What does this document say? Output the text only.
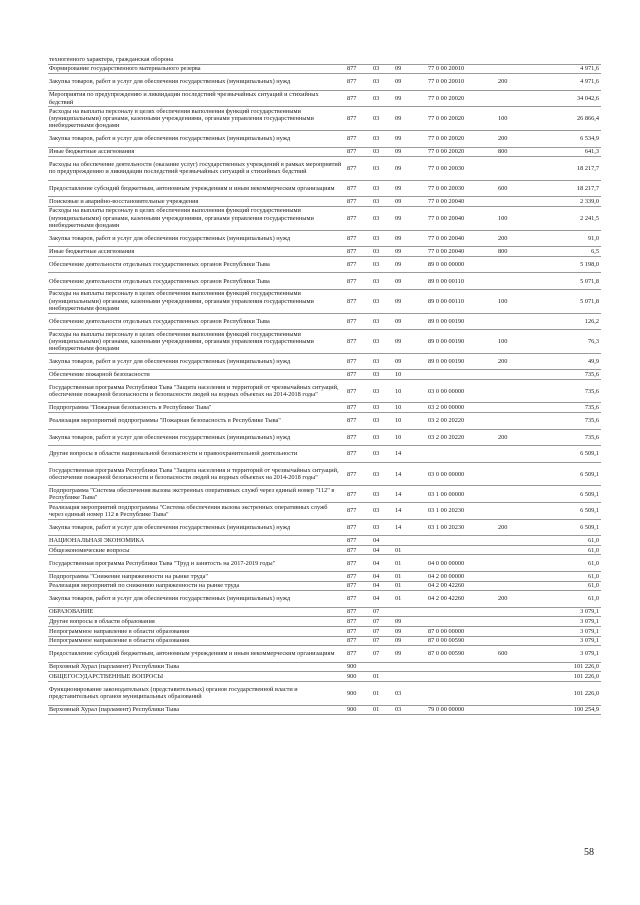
техногенного характера, гражданская оборона						
Формирование государственного материального резерва	877	03	09	77 0 00 20010		4 971,6
Закупка товаров, работ и услуг для обеспечения государственных (муниципальных) нужд	877	03	09	77 0 00 20010	200	4 971,6
Мероприятия по предупреждению и ликвидации последствий чрезвычайных ситуаций и стихийных бедствий	877	03	09	77 0 00 20020		34 042,6
Расходы на выплаты персоналу в целях обеспечения выполнения функций государственными (муниципальными) органами, казенными учреждениями, органами управления государственными внебюджетными фондами	877	03	09	77 0 00 20020	100	26 866,4
Закупка товаров, работ и услуг для обеспечения государственных (муниципальных) нужд	877	03	09	77 0 00 20020	200	6 534,9
Иные бюджетные ассигнования	877	03	09	77 0 00 20020	800	641,3
Расходы на обеспечение деятельности (оказание услуг) государственных учреждений в рамках мероприятий по предупреждению и ликвидации последствий чрезвычайных ситуаций и стихийных бедствий	877	03	09	77 0 00 20030		18 217,7
Предоставление субсидий бюджетным, автономным учреждениям и иным некоммерческим организациям	877	03	09	77 0 00 20030	600	18 217,7
Поисковые и аварийно-восстановительные учреждения	877	03	09	77 0 00 20040		2 339,0
Расходы на выплаты персоналу в целях обеспечения выполнения функций государственными (муниципальными) органами, казенными учреждениями, органами управления государственными внебюджетными фондами	877	03	09	77 0 00 20040	100	2 241,5
Закупка товаров, работ и услуг для обеспечения государственных (муниципальных) нужд	877	03	09	77 0 00 20040	200	91,0
Иные бюджетные ассигнования	877	03	09	77 0 00 20040	800	6,5
Обеспечение деятельности отдельных государственных органов Республики Тыва	877	03	09	89 0 00 00000		5 198,0
Обеспечение деятельности отдельных государственных органов Республики Тыва	877	03	09	89 0 00 00110		5 071,8
Расходы на выплаты персоналу в целях обеспечения выполнения функций государственными (муниципальными) органами, казенными учреждениями, органами управления государственными внебюджетными фондами	877	03	09	89 0 00 00110	100	5 071,8
Обеспечение деятельности отдельных государственных органов Республики Тыва	877	03	09	89 0 00 00190		126,2
Расходы на выплаты персоналу в целях обеспечения выполнения функций государственными (муниципальными) органами, казенными учреждениями, органами управления государственными внебюджетными фондами	877	03	09	89 0 00 00190	100	76,3
Закупка товаров, работ и услуг для обеспечения государственных (муниципальных) нужд	877	03	09	89 0 00 00190	200	49,9
Обеспечение пожарной безопасности	877	03	10			735,6
Государственная программа Республики Тыва "Защита населения и территорий от чрезвычайных ситуаций, обеспечение пожарной безопасности и безопасности людей на водных объектах на 2014-2018 годы"	877	03	10	03 0 00 00000		735,6
Подпрограмма "Пожарная безопасность в Республике Тыва"	877	03	10	03 2 00 00000		735,6
Реализация мероприятий подпрограммы "Пожарная безопасность в Республике Тыва"	877	03	10	03 2 00 20220		735,6
Закупка товаров, работ и услуг для обеспечения государственных (муниципальных) нужд	877	03	10	03 2 00 20220	200	735,6
Другие вопросы в области национальной безопасности и правоохранительной деятельности	877	03	14			6 509,1
Государственная программа Республики Тыва "Защита населения и территорий от чрезвычайных ситуаций, обеспечение пожарной безопасности и безопасности людей на водных объектах на 2014-2018 годы"	877	03	14	03 0 00 00000		6 509,1
Подпрограмма "Система обеспечения вызова экстренных оперативных служб через единый номер "112" в Республике Тыва"	877	03	14	03 1 00 00000		6 509,1
Реализация мероприятий подпрограммы "Система обеспечения вызова экстренных оперативных служб через единый номер 112 в Республике Тыва"	877	03	14	03 1 00 20230		6 509,1
Закупка товаров, работ и услуг для обеспечения государственных (муниципальных) нужд	877	03	14	03 1 00 20230	200	6 509,1
НАЦИОНАЛЬНАЯ ЭКОНОМИКА	877	04				61,0
Общеэкономические вопросы	877	04	01			61,0
Государственная программа Республики Тыва "Труд и занятость на 2017-2019 годы"	877	04	01	04 0 00 00000		61,0
Подпрограмма "Снижение напряженности на рынке труда"	877	04	01	04 2 00 00000		61,0
Реализация мероприятий по снижению напряженности на рынке труда	877	04	01	04 2 00 42260		61,0
Закупка товаров, работ и услуг для обеспечения государственных (муниципальных) нужд	877	04	01	04 2 00 42260	200	61,0
ОБРАЗОВАНИЕ	877	07				3 079,1
Другие вопросы в области образования	877	07	09			3 079,1
Непрограммное направление в области образования	877	07	09	87 0 00 00000		3 079,1
Непрограммное направление в области образования	877	07	09	87 0 00 00590		3 079,1
Предоставление субсидий бюджетным, автономным учреждениям и иным некоммерческим организациям	877	07	09	87 0 00 00590	600	3 079,1
Верховный Хурал (парламент) Республики Тыва	900					101 226,0
ОБЩЕГОСУДАРСТВЕННЫЕ ВОПРОСЫ	900	01				101 226,0
Функционирование законодательных (представительных) органов государственной власти и представительных органов муниципальных образований	900	01	03			101 226,0
Верховный Хурал (парламент) Республики Тыва	900	01	03	79 0 00 00000		100 254,9
58
